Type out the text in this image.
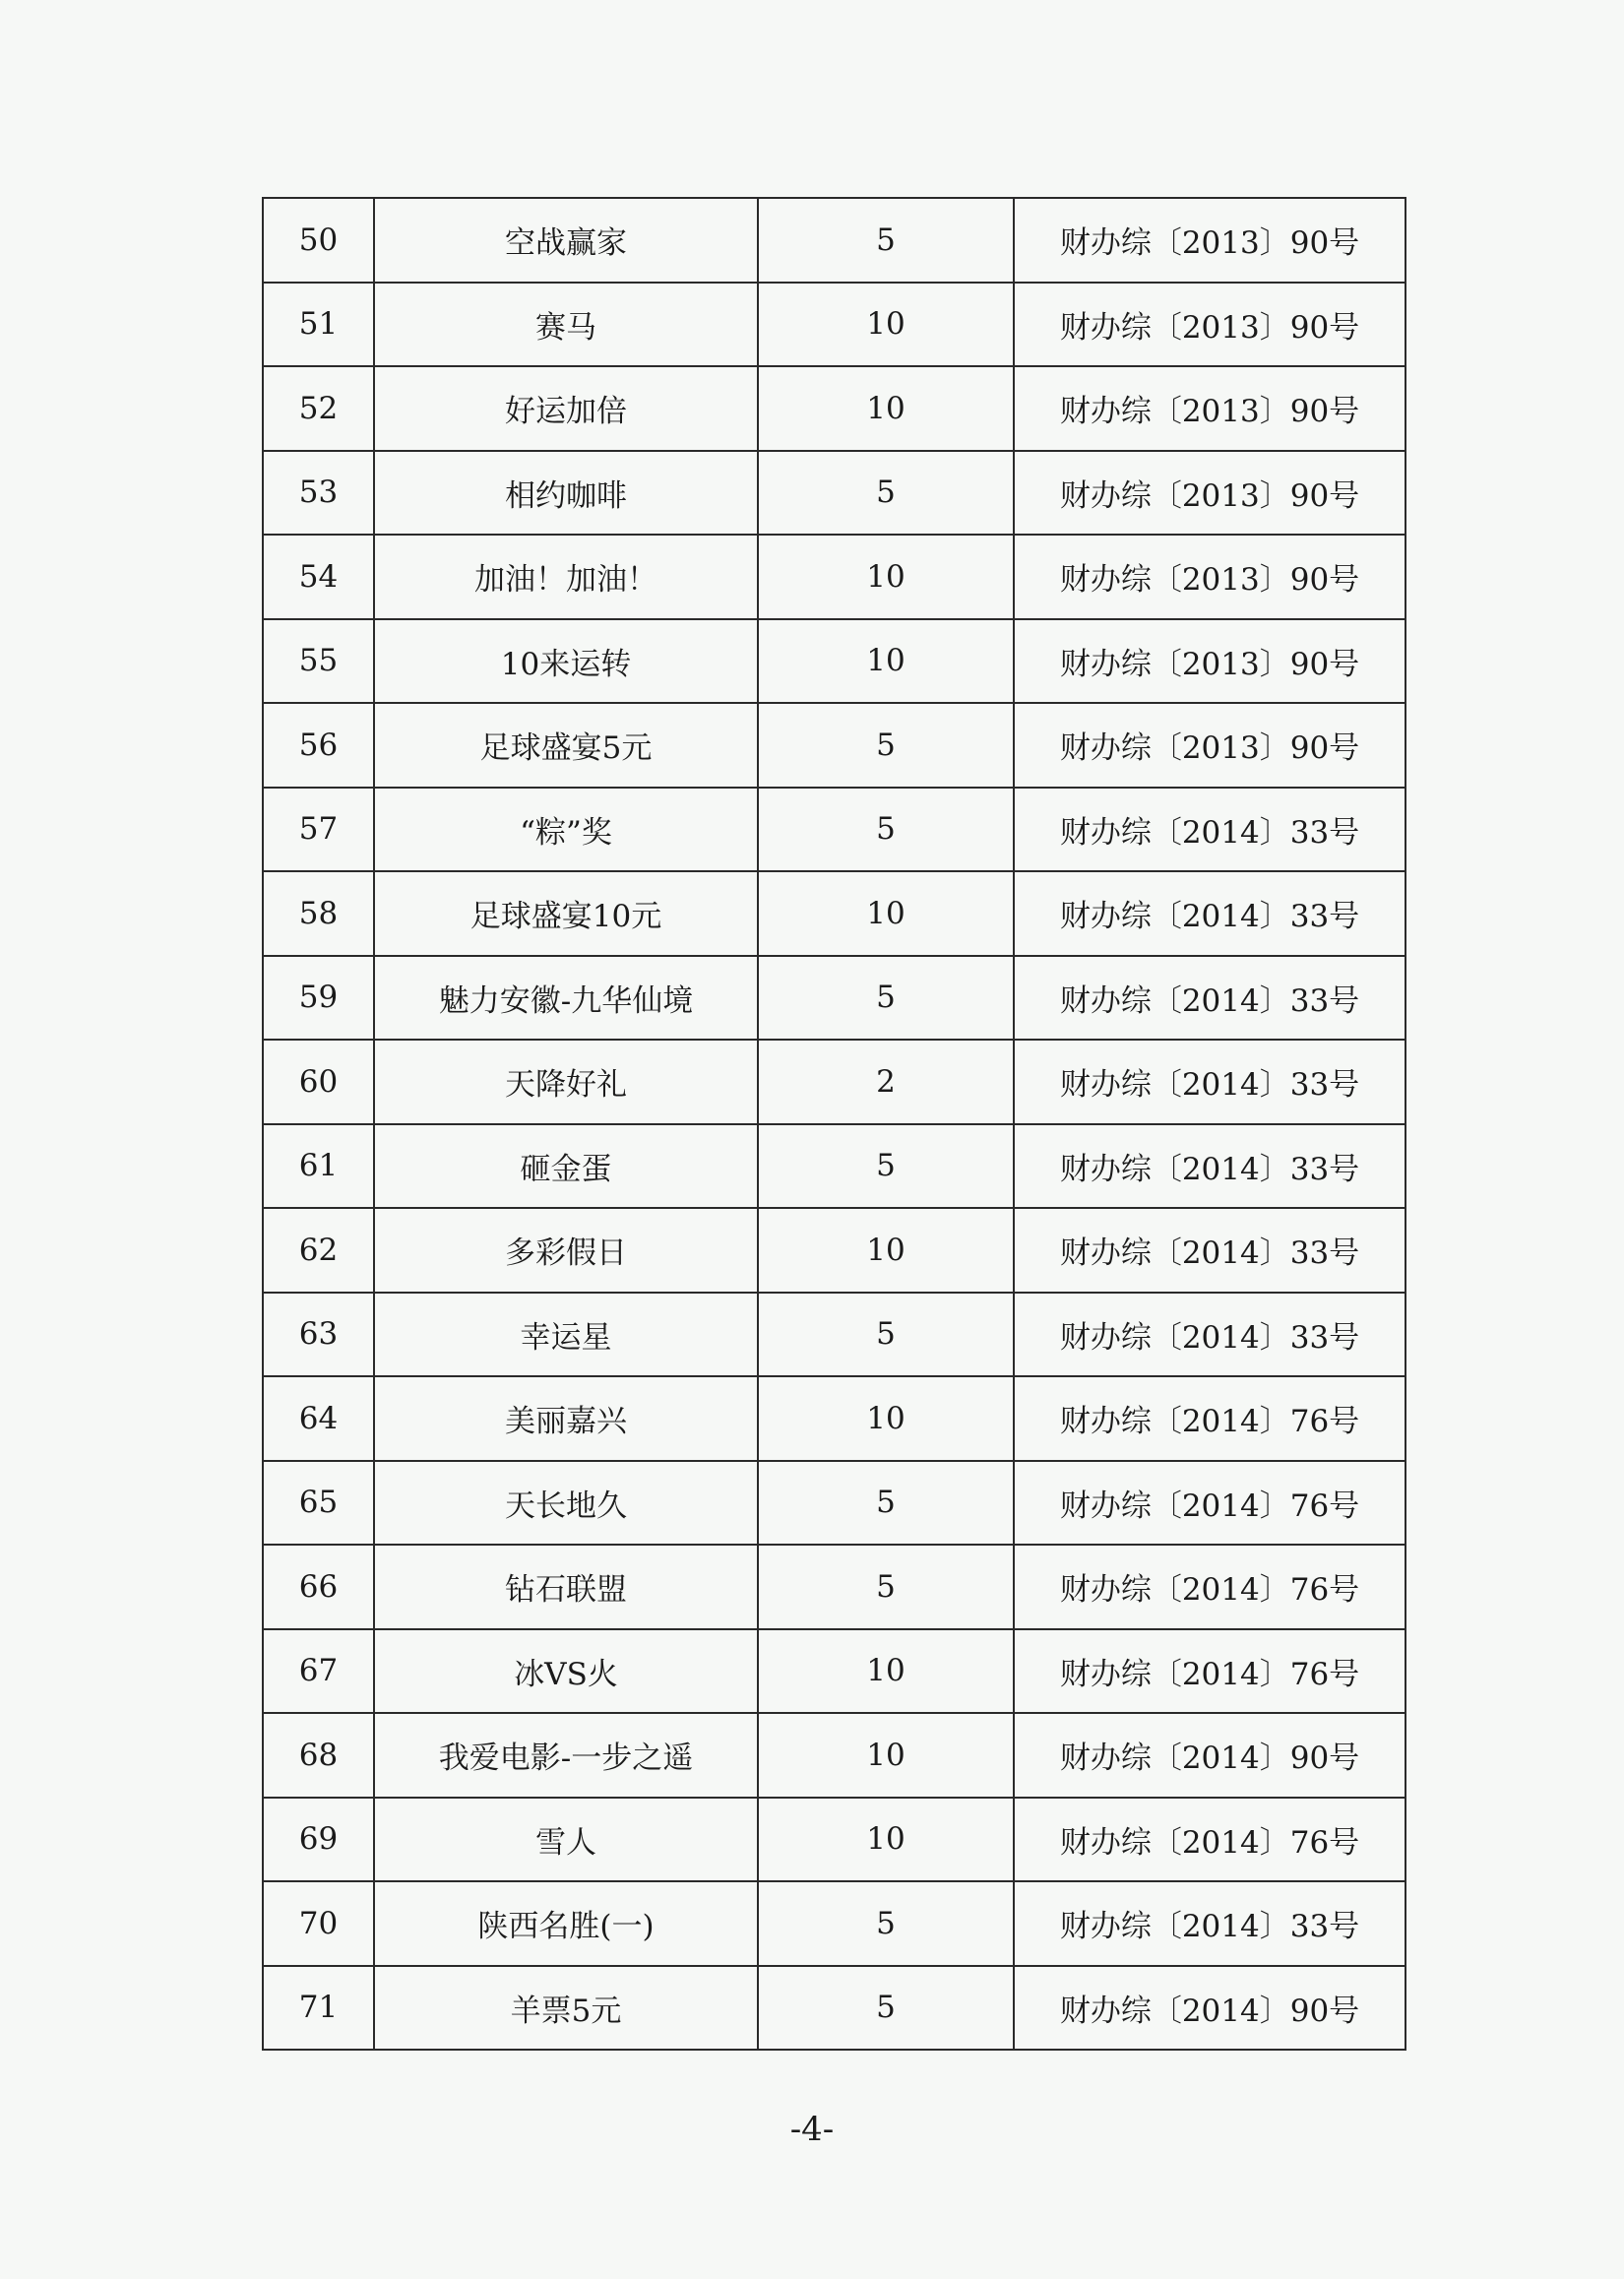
50	空战赢家	5	财办综〔2013〕90号
51	赛马	10	财办综〔2013〕90号
52	好运加倍	10	财办综〔2013〕90号
53	相约咖啡	5	财办综〔2013〕90号
54	加油！加油！	10	财办综〔2013〕90号
55	10来运转	10	财办综〔2013〕90号
56	足球盛宴5元	5	财办综〔2013〕90号
57	“粽”奖	5	财办综〔2014〕33号
58	足球盛宴10元	10	财办综〔2014〕33号
59	魅力安徽-九华仙境	5	财办综〔2014〕33号
60	天降好礼	2	财办综〔2014〕33号
61	砸金蛋	5	财办综〔2014〕33号
62	多彩假日	10	财办综〔2014〕33号
63	幸运星	5	财办综〔2014〕33号
64	美丽嘉兴	10	财办综〔2014〕76号
65	天长地久	5	财办综〔2014〕76号
66	钻石联盟	5	财办综〔2014〕76号
67	冰VS火	10	财办综〔2014〕76号
68	我爱电影-一步之遥	10	财办综〔2014〕90号
69	雪人	10	财办综〔2014〕76号
70	陕西名胜(一)	5	财办综〔2014〕33号
71	羊票5元	5	财办综〔2014〕90号
-4-
